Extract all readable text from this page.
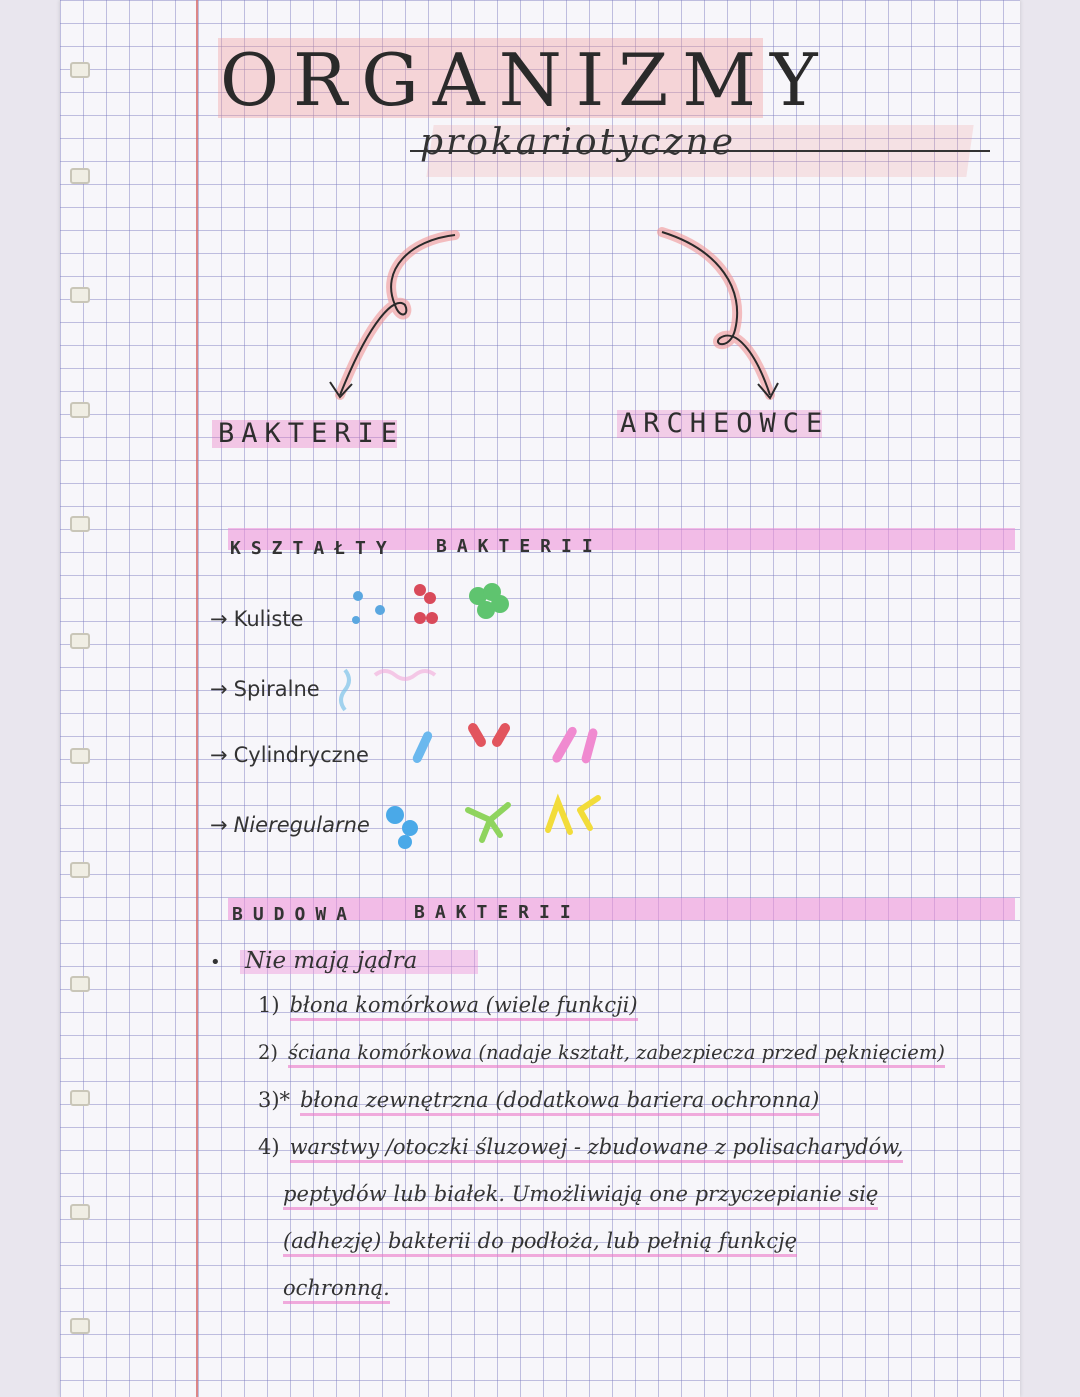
ORGANIZMY
prokariotyczne
BAKTERIE	ARCHEOWCE
KSZTAŁTY BAKTERII
→ Kuliste
→ Spiralne
→ Cylindryczne
→ Nieregularne
BUDOWA	BAKTERII
• Nie mają jądra
1) błona komórkowa (wiele funkcji)
2) ściana komórkowa (nadaje kształt, zabezpiecza przed pęknięciem)
3)* błona zewnętrzna (dodatkowa bariera ochronna)
4) warstwy /otoczki śluzowej - zbudowane z polisacharydów,
peptydów lub białek. Umożliwiają one przyczepianie się
(adhezję) bakterii do podłoża, lub pełnią funkcję
ochronną.
